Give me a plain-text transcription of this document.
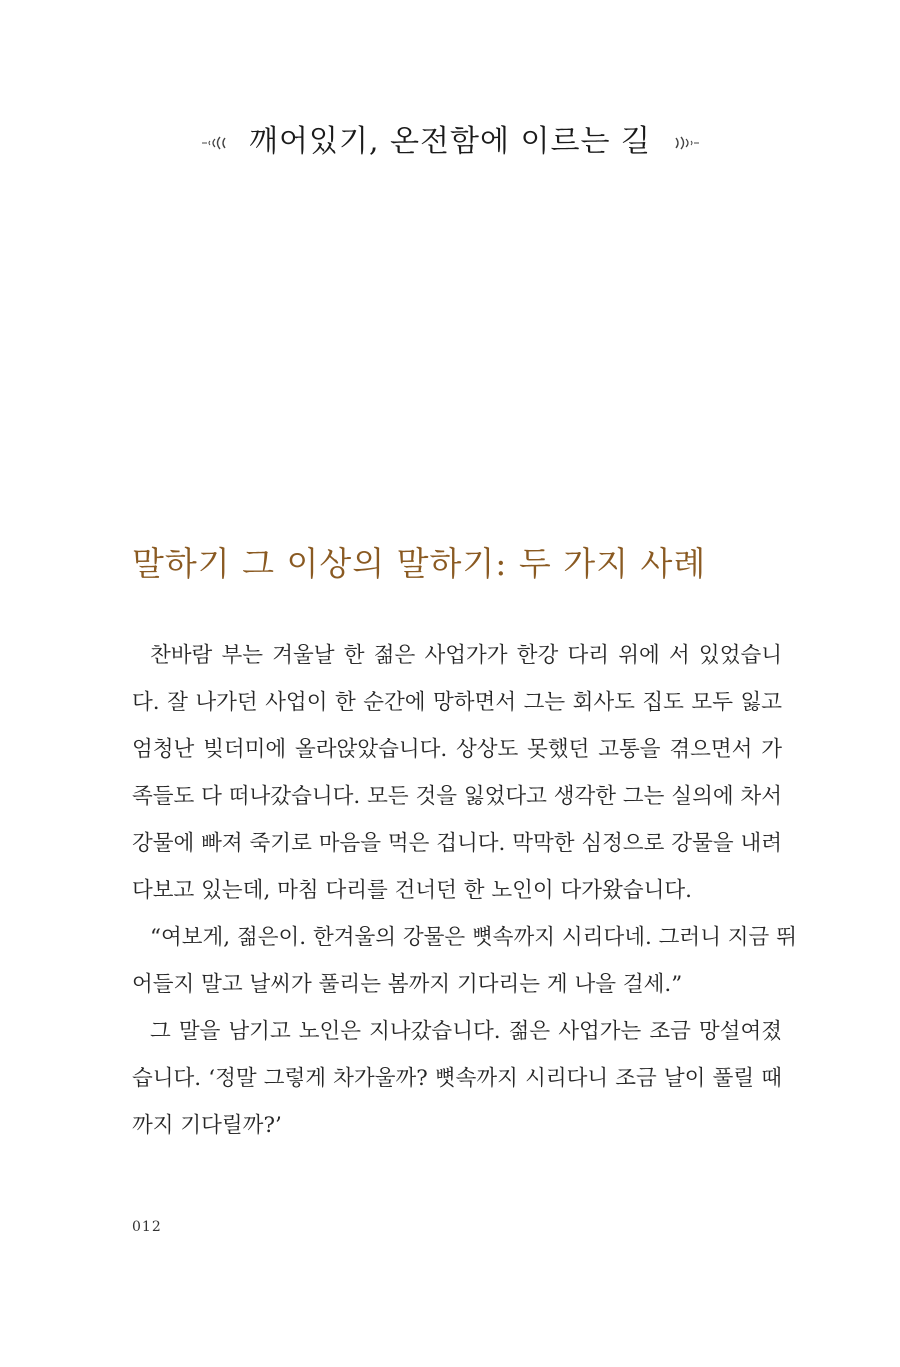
깨어있기, 온전함에 이르는 길
말하기 그 이상의 말하기: 두 가지 사례
찬바람 부는 겨울날 한 젊은 사업가가 한강 다리 위에 서 있었습니
다. 잘 나가던 사업이 한 순간에 망하면서 그는 회사도 집도 모두 잃고
엄청난 빚더미에 올라앉았습니다. 상상도 못했던 고통을 겪으면서 가
족들도 다 떠나갔습니다. 모든 것을 잃었다고 생각한 그는 실의에 차서
강물에 빠져 죽기로 마음을 먹은 겁니다. 막막한 심정으로 강물을 내려
다보고 있는데, 마침 다리를 건너던 한 노인이 다가왔습니다.
“여보게, 젊은이. 한겨울의 강물은 뼛속까지 시리다네. 그러니 지금 뛰
어들지 말고 날씨가 풀리는 봄까지 기다리는 게 나을 걸세.”
그 말을 남기고 노인은 지나갔습니다. 젊은 사업가는 조금 망설여졌
습니다. ‘정말 그렇게 차가울까? 뼛속까지 시리다니 조금 날이 풀릴 때
까지 기다릴까?’
012
